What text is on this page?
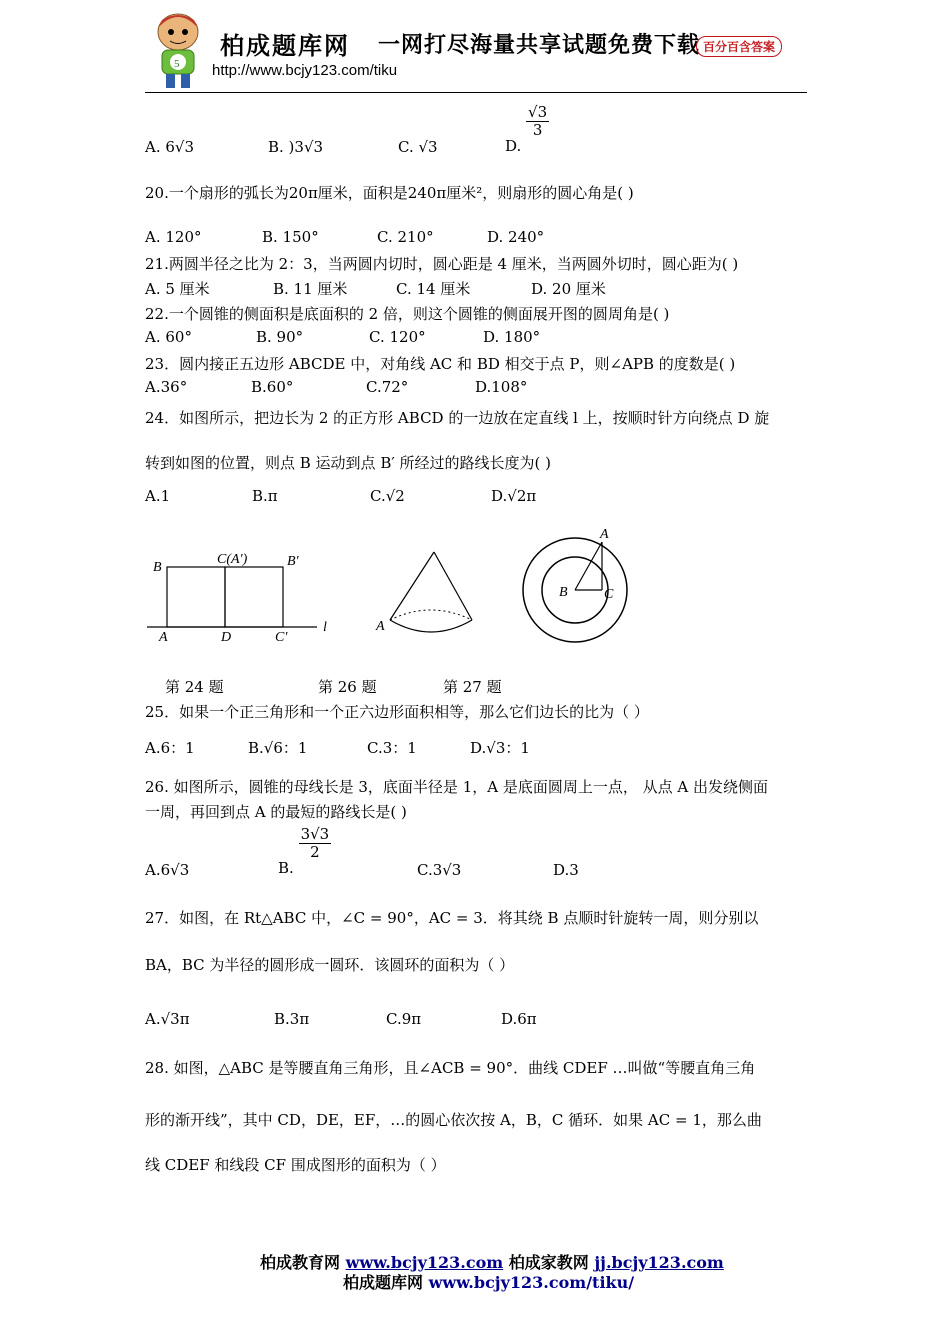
5
柏成题库网 一网打尽海量共享试题免费下载 百分百含答案
http://www.bcjy123.com/tiku
A. 6√3	B. )3√3	C. √3	D.
$\frac{√3}{3}$
20.一个扇形的弧长为20π厘米，面积是240π厘米²，则扇形的圆心角是( )
A. 120°	B. 150°	C. 210°	D. 240°
21.两圆半径之比为 2：3，当两圆内切时，圆心距是 4 厘米，当两圆外切时，圆心距为( )
A. 5 厘米	B. 11 厘米	C. 14 厘米	D. 20 厘米
22.一个圆锥的侧面积是底面积的 2 倍，则这个圆锥的侧面展开图的圆周角是( )
A. 60°	B. 90°	C. 120°	D. 180°
23．圆内接正五边形 ABCDE 中，对角线 AC 和 BD 相交于点 P，则∠APB 的度数是( )
A.36°	B.60°	C.72°	D.108°
24．如图所示，把边长为 2 的正方形 ABCD 的一边放在定直线 l 上，按顺时针方向绕点 D 旋
转到如图的位置，则点 B 运动到点 B′ 所经过的路线长度为( )
A.1	B.π	C.√2	D.√2π
B
C(A′)	B′
A	D	C′
l	A
A
B	C
第 24 题	第 26 题	第 27 题
25．如果一个正三角形和一个正六边形面积相等，那么它们边长的比为（ ）
A.6：1	B.√6：1	C.3：1	D.√3：1
26. 如图所示，圆锥的母线长是 3，底面半径是 1，A 是底面圆周上一点， 从点 A 出发绕侧面
一周，再回到点 A 的最短的路线长是( )
A.6√3	B.
$\frac{3√3}{2}$
C.3√3	D.3
27．如图，在 Rt△ABC 中，∠C = 90°，AC = 3．将其绕 B 点顺时针旋转一周，则分别以
BA，BC 为半径的圆形成一圆环．该圆环的面积为（ ）
A.√3π	B.3π	C.9π	D.6π
28. 如图，△ABC 是等腰直角三角形，且∠ACB = 90°．曲线 CDEF …叫做“等腰直角三角
形的渐开线”，其中 CD，DE，EF，…的圆心依次按 A，B，C 循环．如果 AC = 1，那么曲
线 CDEF 和线段 CF 围成图形的面积为（ ）
柏成教育网 www.bcjy123.com 柏成家教网 jj.bcjy123.com
柏成题库网 www.bcjy123.com/tiku/
